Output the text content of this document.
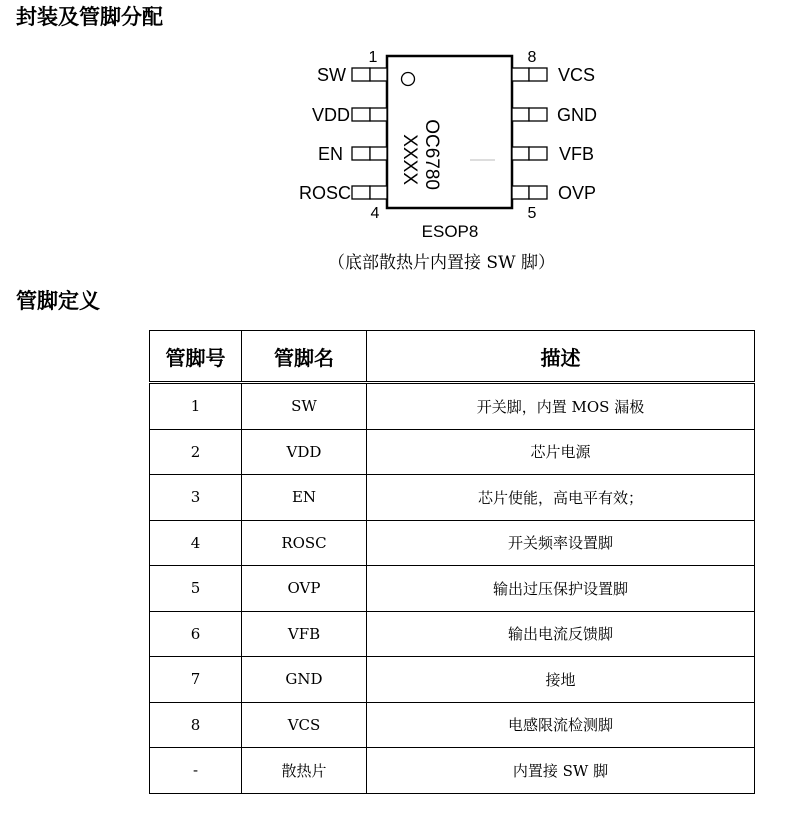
封装及管脚分配
1	8
4	5
SW
VDD
EN
ROSC
VCS
GND
VFB
OVP
OC6780
XXXX
ESOP8
（底部散热片内置接 SW 脚）
管脚定义
管脚号	管脚名	描述
1	SW	开关脚，内置 MOS 漏极
2	VDD	芯片电源
3	EN	芯片使能，高电平有效；
4	ROSC	开关频率设置脚
5	OVP	输出过压保护设置脚
6	VFB	输出电流反馈脚
7	GND	接地
8	VCS	电感限流检测脚
-	散热片	内置接 SW 脚
